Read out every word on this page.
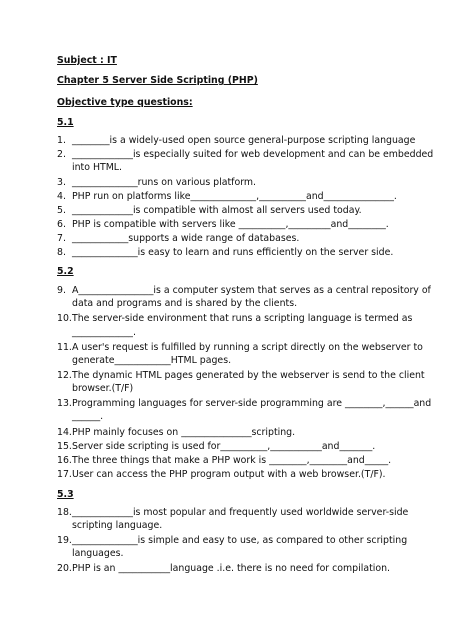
Subject : IT
Chapter 5 Server Side Scripting (PHP)
Objective type questions:
5.1
1. ________is a widely-used open source general-purpose scripting language
2. _____________is especially suited for web development and can be embedded
into HTML.
3. ______________runs on various platform.
4. PHP run on platforms like______________,__________and_______________.
5. _____________is compatible with almost all servers used today.
6. PHP is compatible with servers like __________,_________and________.
7. ____________supports a wide range of databases.
8. ______________is easy to learn and runs efficiently on the server side.
5.2
9. A________________is a computer system that serves as a central repository of
data and programs and is shared by the clients.
10. The server-side environment that runs a scripting language is termed as
_____________.
11. A user's request is fulfilled by running a script directly on the webserver to
generate____________HTML pages.
12. The dynamic HTML pages generated by the webserver is send to the client
browser.(T/F)
13. Programming languages for server-side programming are ________,______and
______.
14. PHP mainly focuses on _______________scripting.
15. Server side scripting is used for__________,___________and_______.
16. The three things that make a PHP work is ________,________and_____.
17. User can access the PHP program output with a web browser.(T/F).
5.3
18. _____________is most popular and frequently used worldwide server-side
scripting language.
19. ______________is simple and easy to use, as compared to other scripting
languages.
20. PHP is an ___________language .i.e. there is no need for compilation.
